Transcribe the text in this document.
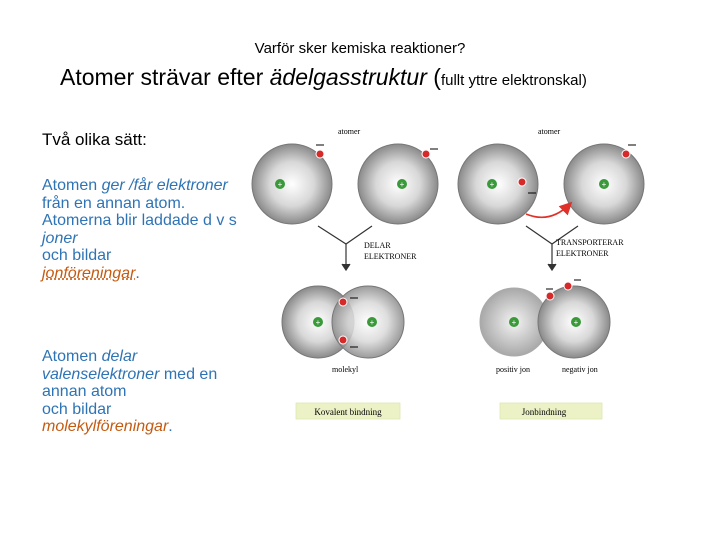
Varför sker kemiska reaktioner?
Atomer strävar efter ädelgasstruktur (fullt yttre elektronskal)
Två olika sätt:
Atomen ger /får elektroner från en annan atom.
Atomerna blir laddade d v s joner
och bildar
jonföreningar.
Atomen delar valenselektroner med en annan atom
och bildar
molekylföreningar.
atomer	atomer
+	+	+	+
DELAR
ELEKTRONER
TRANSPORTERAR
ELEKTRONER
+	+
molekyl
+	+
positiv jon	negativ jon
Kovalent bindning	Jonbindning
